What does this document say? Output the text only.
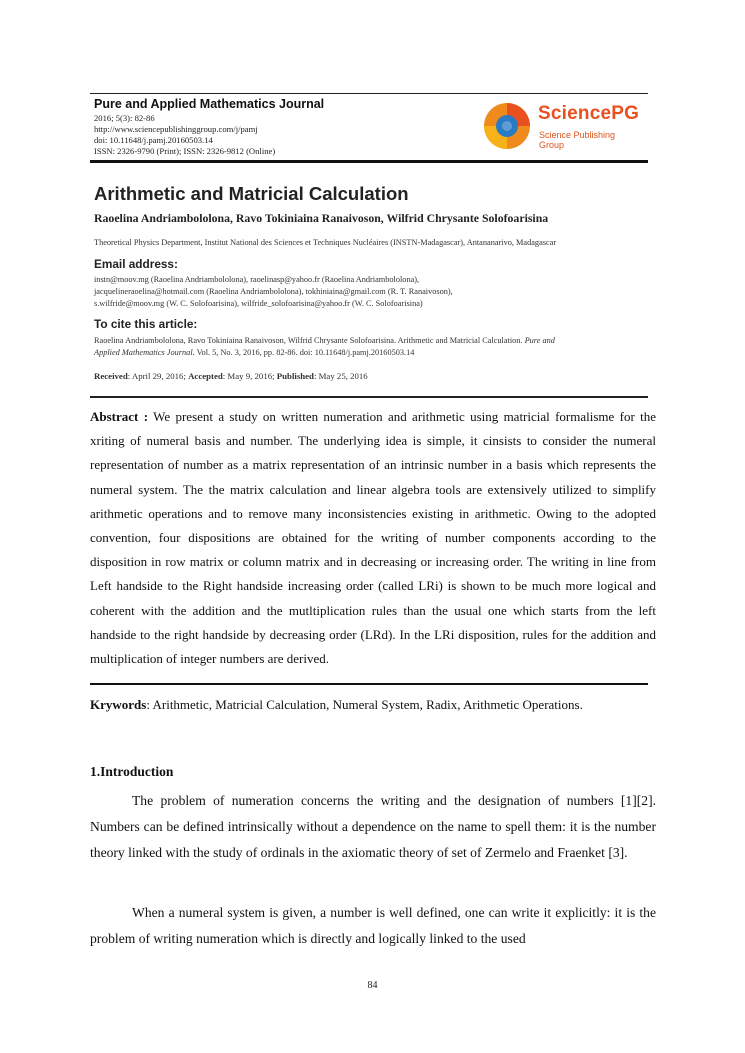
Pure and Applied Mathematics Journal
2016; 5(3): 82-86
http://www.sciencepublishinggroup.com/j/pamj
doi: 10.11648/j.pamj.20160503.14
ISSN: 2326-9790 (Print); ISSN: 2326-9812 (Online)
SciencePG
Science Publishing Group
Arithmetic and Matricial Calculation
Raoelina Andriambololona, Ravo Tokiniaina Ranaivoson, Wilfrid Chrysante Solofoarisina
Theoretical Physics Department, Institut National des Sciences et Techniques Nucléaires (INSTN-Madagascar), Antananarivo, Madagascar
Email address:
instn@moov.mg (Raoelina Andriambololona), raoelinasp@yahoo.fr (Raoelina Andriambololona),
jacquelineraoelina@hotmail.com (Raoelina Andriambololona), tokhiniaina@gmail.com (R. T. Ranaivoson),
s.wilfride@moov.mg (W. C. Solofoarisina), wilfride_solofoarisina@yahoo.fr (W. C. Solofoarisina)
To cite this article:
Raoelina Andriambololona, Ravo Tokiniaina Ranaivoson, Wilfrid Chrysante Solofoarisina. Arithmetic and Matricial Calculation. Pure and
Applied Mathematics Journal. Vol. 5, No. 3, 2016, pp. 82-86. doi: 10.11648/j.pamj.20160503.14
Received: April 29, 2016; Accepted: May 9, 2016; Published: May 25, 2016
Abstract : We present a study on written numeration and arithmetic using matricial formalisme for the xriting of numeral basis and number. The underlying idea is simple, it cinsists to consider the numeral representation of number as a matrix representation of an intrinsic number in a basis which represents the numeral system. The the matrix calculation and linear algebra tools are extensively utilized to simplify arithmetic operations and to remove many inconsistencies existing in arithmetic. Owing to the adopted convention, four dispositions are obtained for the writing of number components according to the disposition in row matrix or column matrix and in decreasing or increasing order. The writing in line from Left handside to the Right handside increasing order (called LRi) is shown to be much more logical and coherent with the addition and the mutltiplication rules than the usual one which starts from the left handside to the right handside by decreasing order (LRd). In the LRi disposition, rules for the addition and multiplication of integer numbers are derived.
Krywords: Arithmetic, Matricial Calculation, Numeral System, Radix, Arithmetic Operations.
1.Introduction
The problem of numeration concerns the writing and the designation of numbers [1][2]. Numbers can be defined intrinsically without a dependence on the name to spell them: it is the number theory linked with the study of ordinals in the axiomatic theory of set of Zermelo and Fraenket [3].
When a numeral system is given, a number is well defined, one can write it explicitly: it is the problem of writing numeration which is directly and logically linked to the used
84
